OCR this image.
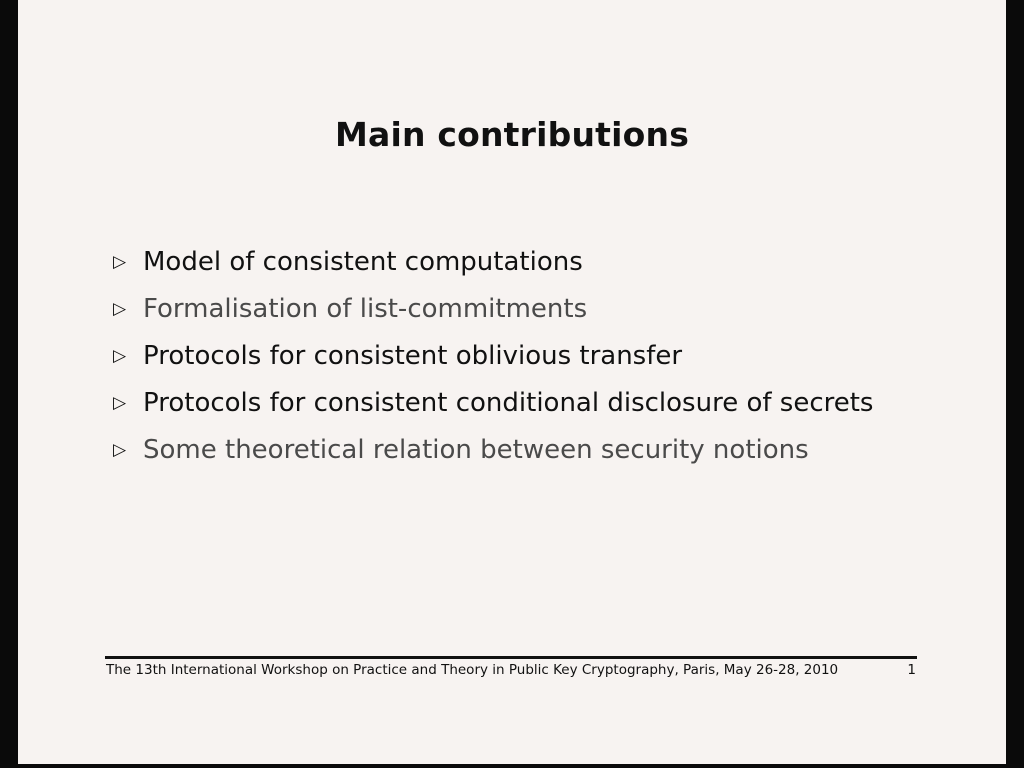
Main contributions
▷ Model of consistent computations
▷ Formalisation of list-commitments
▷ Protocols for consistent oblivious transfer
▷ Protocols for consistent conditional disclosure of secrets
▷ Some theoretical relation between security notions
The 13th International Workshop on Practice and Theory in Public Key Cryptography, Paris, May 26-28, 2010	1
